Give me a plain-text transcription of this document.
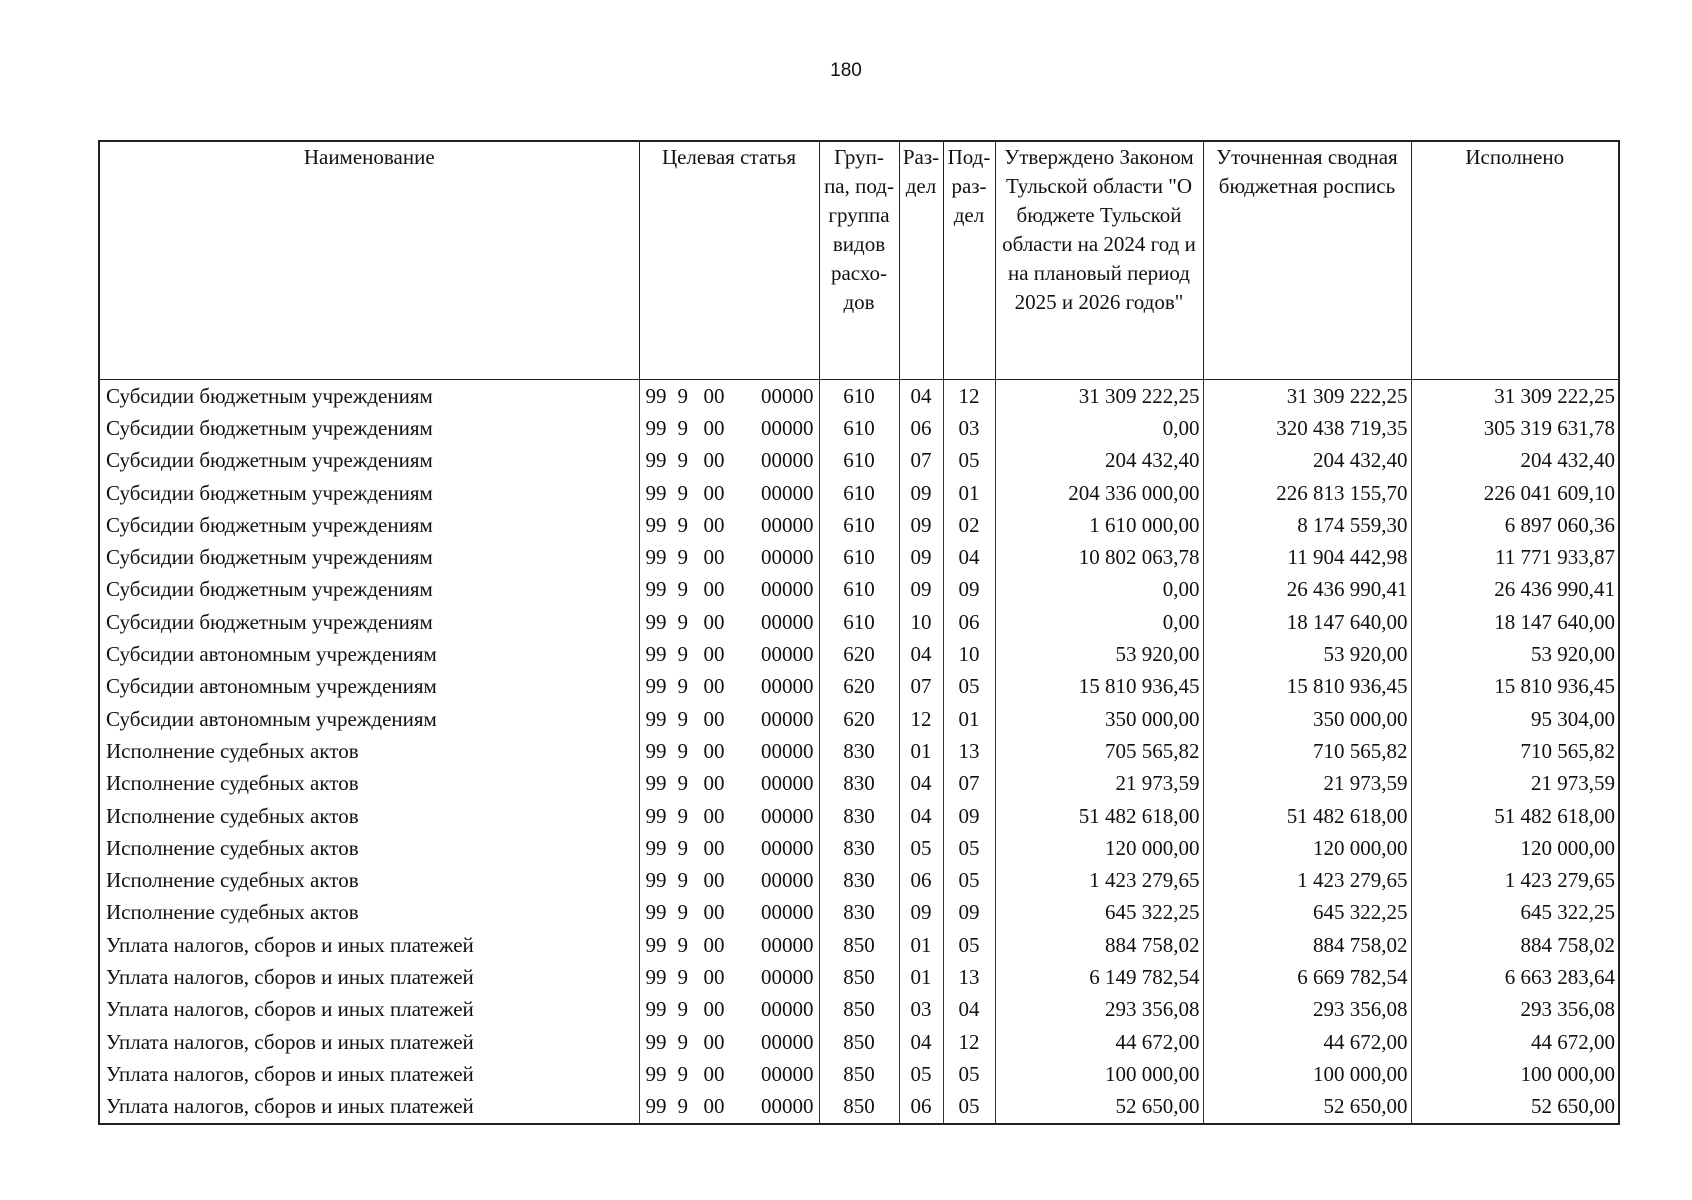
180
Наименование	Целевая статья	Груп-па, под-группа видов расхо-дов	Раз-дел	Под-раз-дел	Утверждено Законом Тульской области "О бюджете Тульской области на 2024 год и на плановый период 2025 и 2026 годов"	Уточненная сводная бюджетная роспись	Исполнено
Субсидии бюджетным учреждениям	99 9 00 00000	610	04	12	31 309 222,25	31 309 222,25	31 309 222,25
Субсидии бюджетным учреждениям	99 9 00 00000	610	06	03	0,00	320 438 719,35	305 319 631,78
Субсидии бюджетным учреждениям	99 9 00 00000	610	07	05	204 432,40	204 432,40	204 432,40
Субсидии бюджетным учреждениям	99 9 00 00000	610	09	01	204 336 000,00	226 813 155,70	226 041 609,10
Субсидии бюджетным учреждениям	99 9 00 00000	610	09	02	1 610 000,00	8 174 559,30	6 897 060,36
Субсидии бюджетным учреждениям	99 9 00 00000	610	09	04	10 802 063,78	11 904 442,98	11 771 933,87
Субсидии бюджетным учреждениям	99 9 00 00000	610	09	09	0,00	26 436 990,41	26 436 990,41
Субсидии бюджетным учреждениям	99 9 00 00000	610	10	06	0,00	18 147 640,00	18 147 640,00
Субсидии автономным учреждениям	99 9 00 00000	620	04	10	53 920,00	53 920,00	53 920,00
Субсидии автономным учреждениям	99 9 00 00000	620	07	05	15 810 936,45	15 810 936,45	15 810 936,45
Субсидии автономным учреждениям	99 9 00 00000	620	12	01	350 000,00	350 000,00	95 304,00
Исполнение судебных актов	99 9 00 00000	830	01	13	705 565,82	710 565,82	710 565,82
Исполнение судебных актов	99 9 00 00000	830	04	07	21 973,59	21 973,59	21 973,59
Исполнение судебных актов	99 9 00 00000	830	04	09	51 482 618,00	51 482 618,00	51 482 618,00
Исполнение судебных актов	99 9 00 00000	830	05	05	120 000,00	120 000,00	120 000,00
Исполнение судебных актов	99 9 00 00000	830	06	05	1 423 279,65	1 423 279,65	1 423 279,65
Исполнение судебных актов	99 9 00 00000	830	09	09	645 322,25	645 322,25	645 322,25
Уплата налогов, сборов и иных платежей	99 9 00 00000	850	01	05	884 758,02	884 758,02	884 758,02
Уплата налогов, сборов и иных платежей	99 9 00 00000	850	01	13	6 149 782,54	6 669 782,54	6 663 283,64
Уплата налогов, сборов и иных платежей	99 9 00 00000	850	03	04	293 356,08	293 356,08	293 356,08
Уплата налогов, сборов и иных платежей	99 9 00 00000	850	04	12	44 672,00	44 672,00	44 672,00
Уплата налогов, сборов и иных платежей	99 9 00 00000	850	05	05	100 000,00	100 000,00	100 000,00
Уплата налогов, сборов и иных платежей	99 9 00 00000	850	06	05	52 650,00	52 650,00	52 650,00
